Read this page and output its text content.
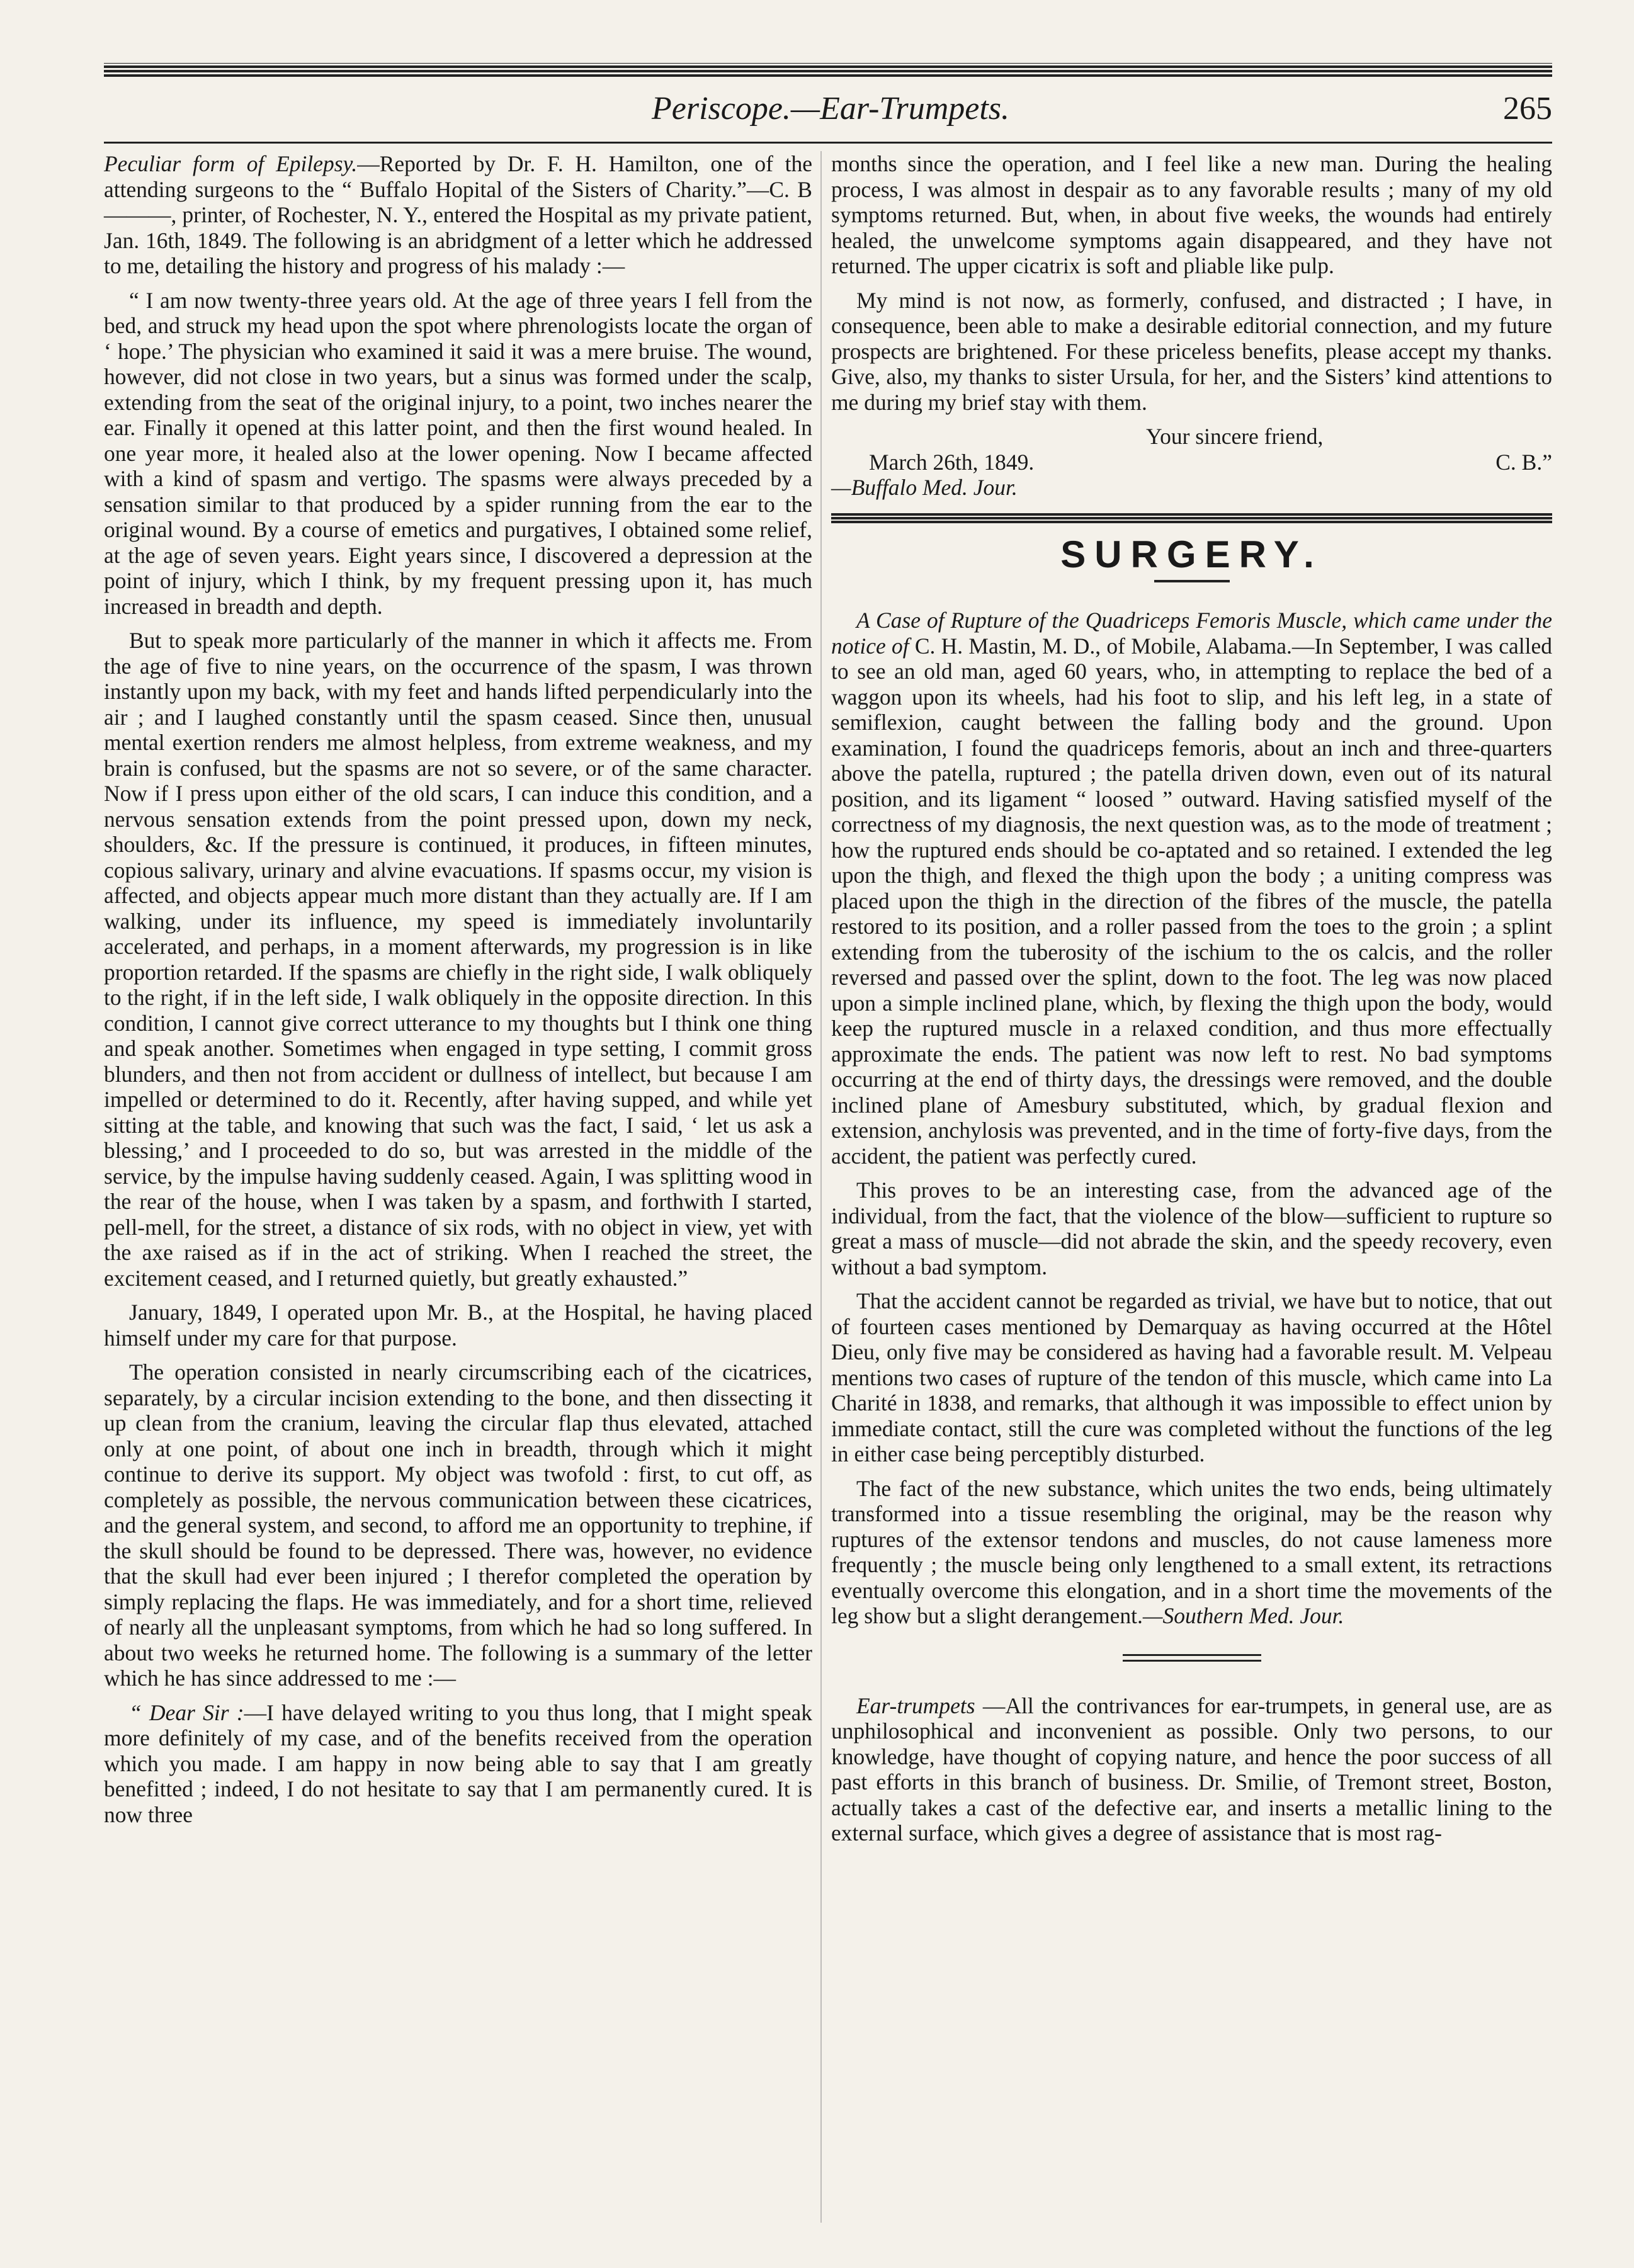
Periscope.—Ear-Trumpets.	265

Peculiar form of Epilepsy.—Reported by Dr. F. H. Hamilton, one of the attending surgeons to the “ Buffalo Hopital of the Sisters of Charity.”—C. B———, printer, of Rochester, N. Y., entered the Hospital as my private patient, Jan. 16th, 1849. The following is an abridgment of a letter which he addressed to me, detailing the history and progress of his malady :—

“ I am now twenty-three years old. At the age of three years I fell from the bed, and struck my head upon the spot where phrenologists locate the organ of ‘ hope.’ The physician who examined it said it was a mere bruise. The wound, however, did not close in two years, but a sinus was formed under the scalp, extending from the seat of the original injury, to a point, two inches nearer the ear. Finally it opened at this latter point, and then the first wound healed. In one year more, it healed also at the lower opening. Now I became affected with a kind of spasm and vertigo. The spasms were always preceded by a sensation similar to that produced by a spider running from the ear to the original wound. By a course of emetics and purgatives, I obtained some relief, at the age of seven years. Eight years since, I discovered a depression at the point of injury, which I think, by my frequent pressing upon it, has much increased in breadth and depth.

But to speak more particularly of the manner in which it affects me. From the age of five to nine years, on the occurrence of the spasm, I was thrown instantly upon my back, with my feet and hands lifted perpendicularly into the air ; and I laughed constantly until the spasm ceased. Since then, unusual mental exertion renders me almost helpless, from extreme weakness, and my brain is confused, but the spasms are not so severe, or of the same character. Now if I press upon either of the old scars, I can induce this condition, and a nervous sensation extends from the point pressed upon, down my neck, shoulders, &c. If the pressure is continued, it produces, in fifteen minutes, copious salivary, urinary and alvine evacuations. If spasms occur, my vision is affected, and objects appear much more distant than they actually are. If I am walking, under its influence, my speed is immediately involuntarily accelerated, and perhaps, in a moment afterwards, my progression is in like proportion retarded. If the spasms are chiefly in the right side, I walk obliquely to the right, if in the left side, I walk obliquely in the opposite direction. In this condition, I cannot give correct utterance to my thoughts but I think one thing and speak another. Sometimes when engaged in type setting, I commit gross blunders, and then not from accident or dullness of intellect, but because I am impelled or determined to do it. Recently, after having supped, and while yet sitting at the table, and knowing that such was the fact, I said, ‘ let us ask a blessing,’ and I proceeded to do so, but was arrested in the middle of the service, by the impulse having suddenly ceased. Again, I was splitting wood in the rear of the house, when I was taken by a spasm, and forthwith I started, pell-mell, for the street, a distance of six rods, with no object in view, yet with the axe raised as if in the act of striking. When I reached the street, the excitement ceased, and I returned quietly, but greatly exhausted.”

January, 1849, I operated upon Mr. B., at the Hospital, he having placed himself under my care for that purpose.

The operation consisted in nearly circumscribing each of the cicatrices, separately, by a circular incision extending to the bone, and then dissecting it up clean from the cranium, leaving the circular flap thus elevated, attached only at one point, of about one inch in breadth, through which it might continue to derive its support. My object was twofold : first, to cut off, as completely as possible, the nervous communication between these cicatrices, and the general system, and second, to afford me an opportunity to trephine, if the skull should be found to be depressed. There was, however, no evidence that the skull had ever been injured ; I therefor completed the operation by simply replacing the flaps. He was immediately, and for a short time, relieved of nearly all the unpleasant symptoms, from which he had so long suffered. In about two weeks he returned home. The following is a summary of the letter which he has since addressed to me :—

“ Dear Sir :—I have delayed writing to you thus long, that I might speak more definitely of my case, and of the benefits received from the operation which you made. I am happy in now being able to say that I am greatly benefitted ; indeed, I do not hesitate to say that I am permanently cured. It is now three

months since the operation, and I feel like a new man. During the healing process, I was almost in despair as to any favorable results ; many of my old symptoms returned. But, when, in about five weeks, the wounds had entirely healed, the unwelcome symptoms again disappeared, and they have not returned. The upper cicatrix is soft and pliable like pulp.

My mind is not now, as formerly, confused, and distracted ; I have, in consequence, been able to make a desirable editorial connection, and my future prospects are brightened. For these priceless benefits, please accept my thanks. Give, also, my thanks to sister Ursula, for her, and the Sisters’ kind attentions to me during my brief stay with them.

Your sincere friend,

March 26th, 1849.	C. B.”

—Buffalo Med. Jour.

SURGERY.

A Case of Rupture of the Quadriceps Femoris Muscle, which came under the notice of C. H. Mastin, M. D., of Mobile, Alabama.—In September, I was called to see an old man, aged 60 years, who, in attempting to replace the bed of a waggon upon its wheels, had his foot to slip, and his left leg, in a state of semiflexion, caught between the falling body and the ground. Upon examination, I found the quadriceps femoris, about an inch and three-quarters above the patella, ruptured ; the patella driven down, even out of its natural position, and its ligament “ loosed ” outward. Having satisfied myself of the correctness of my diagnosis, the next question was, as to the mode of treatment ; how the ruptured ends should be co-aptated and so retained. I extended the leg upon the thigh, and flexed the thigh upon the body ; a uniting compress was placed upon the thigh in the direction of the fibres of the muscle, the patella restored to its position, and a roller passed from the toes to the groin ; a splint extending from the tuberosity of the ischium to the os calcis, and the roller reversed and passed over the splint, down to the foot. The leg was now placed upon a simple inclined plane, which, by flexing the thigh upon the body, would keep the ruptured muscle in a relaxed condition, and thus more effectually approximate the ends. The patient was now left to rest. No bad symptoms occurring at the end of thirty days, the dressings were removed, and the double inclined plane of Amesbury substituted, which, by gradual flexion and extension, anchylosis was prevented, and in the time of forty-five days, from the accident, the patient was perfectly cured.

This proves to be an interesting case, from the advanced age of the individual, from the fact, that the violence of the blow—sufficient to rupture so great a mass of muscle—did not abrade the skin, and the speedy recovery, even without a bad symptom.

That the accident cannot be regarded as trivial, we have but to notice, that out of fourteen cases mentioned by Demarquay as having occurred at the Hôtel Dieu, only five may be considered as having had a favorable result. M. Velpeau mentions two cases of rupture of the tendon of this muscle, which came into La Charité in 1838, and remarks, that although it was impossible to effect union by immediate contact, still the cure was completed without the functions of the leg in either case being perceptibly disturbed.

The fact of the new substance, which unites the two ends, being ultimately transformed into a tissue resembling the original, may be the reason why ruptures of the extensor tendons and muscles, do not cause lameness more frequently ; the muscle being only lengthened to a small extent, its retractions eventually overcome this elongation, and in a short time the movements of the leg show but a slight derangement.—Southern Med. Jour.

Ear-trumpets —All the contrivances for ear-trumpets, in general use, are as unphilosophical and inconvenient as possible. Only two persons, to our knowledge, have thought of copying nature, and hence the poor success of all past efforts in this branch of business. Dr. Smilie, of Tremont street, Boston, actually takes a cast of the defective ear, and inserts a metallic lining to the external surface, which gives a degree of assistance that is most rag-
